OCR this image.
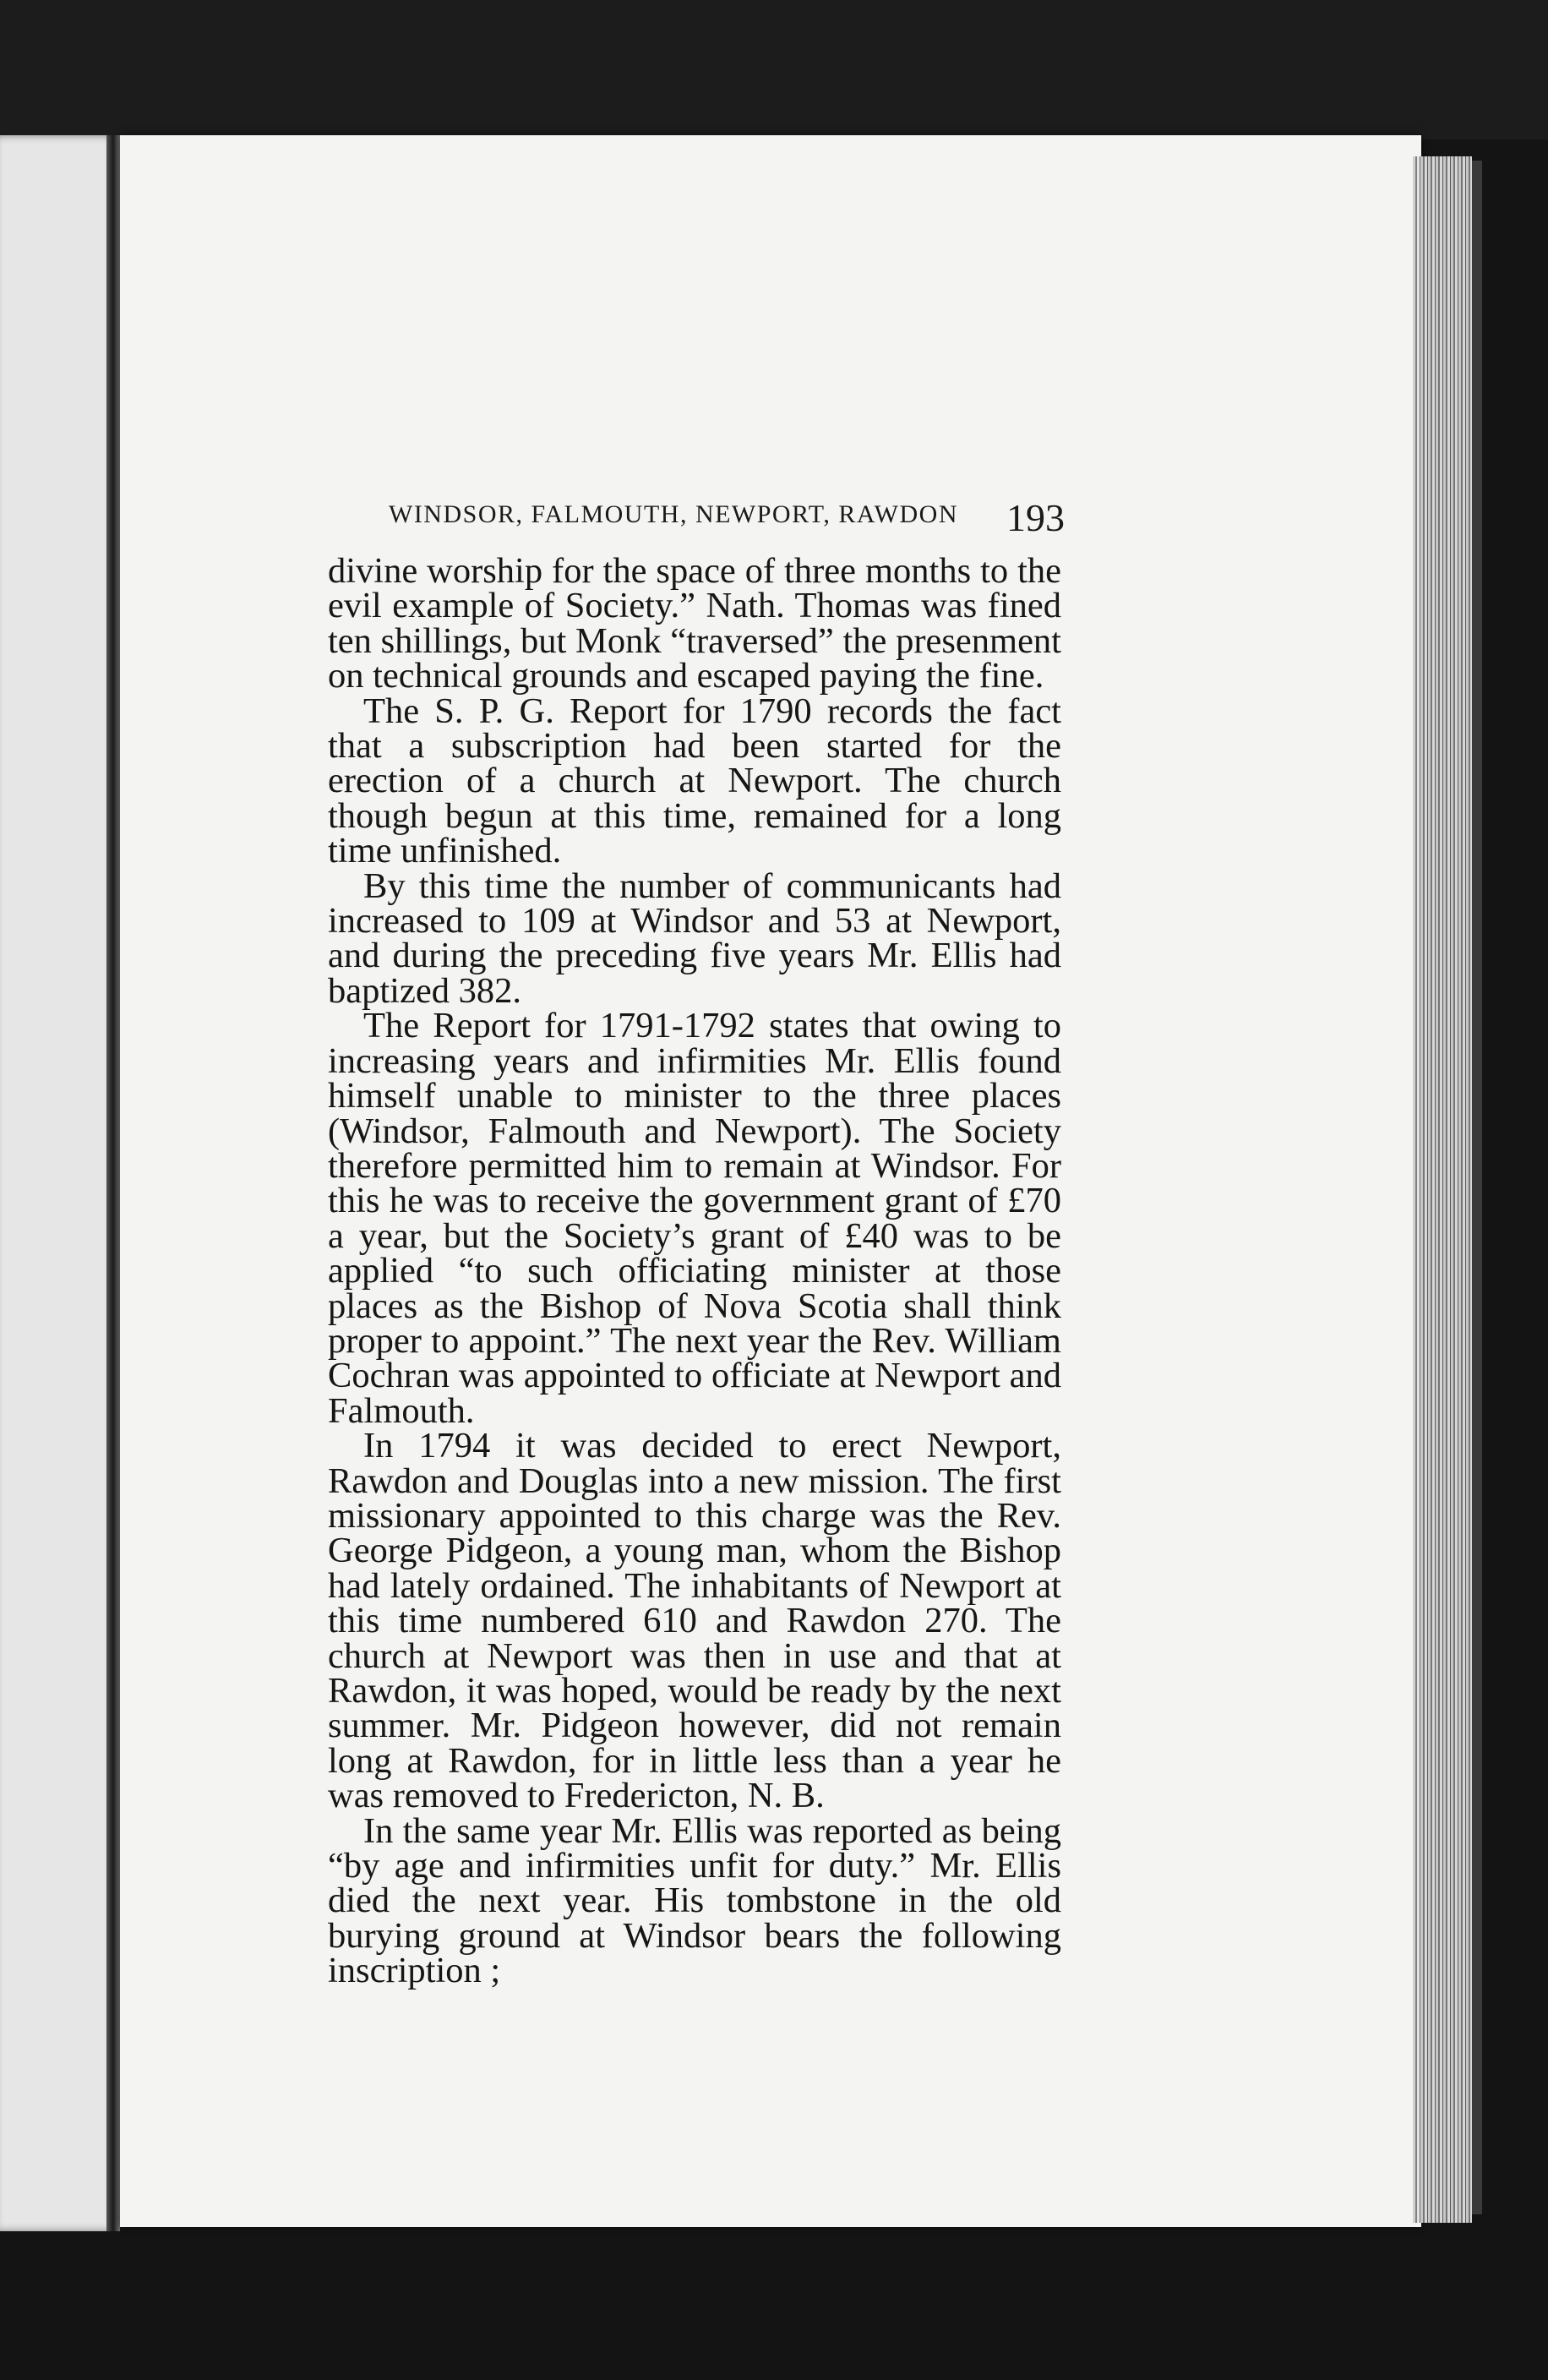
WINDSOR, FALMOUTH, NEWPORT, RAWDON 193

divine worship for the space of three months to the evil example of Society.” Nath. Thomas was fined ten shillings, but Monk “traversed” the presenment on technical grounds and escaped paying the fine.

The S. P. G. Report for 1790 records the fact that a subscription had been started for the erection of a church at Newport. The church though begun at this time, remained for a long time unfinished.

By this time the number of communicants had increased to 109 at Windsor and 53 at Newport, and during the preceding five years Mr. Ellis had baptized 382.

The Report for 1791-1792 states that owing to increasing years and infirmities Mr. Ellis found himself unable to minister to the three places (Windsor, Falmouth and Newport). The Society therefore permitted him to remain at Windsor. For this he was to receive the government grant of £70 a year, but the Society’s grant of £40 was to be applied “to such officiating minister at those places as the Bishop of Nova Scotia shall think proper to appoint.” The next year the Rev. William Cochran was appointed to officiate at Newport and Falmouth.

In 1794 it was decided to erect Newport, Rawdon and Douglas into a new mission. The first missionary appointed to this charge was the Rev. George Pidgeon, a young man, whom the Bishop had lately ordained. The inhabitants of Newport at this time numbered 610 and Rawdon 270. The church at Newport was then in use and that at Rawdon, it was hoped, would be ready by the next summer. Mr. Pidgeon however, did not remain long at Rawdon, for in little less than a year he was removed to Fredericton, N. B.

In the same year Mr. Ellis was reported as being “by age and infirmities unfit for duty.” Mr. Ellis died the next year. His tombstone in the old burying ground at Windsor bears the following inscription ;
